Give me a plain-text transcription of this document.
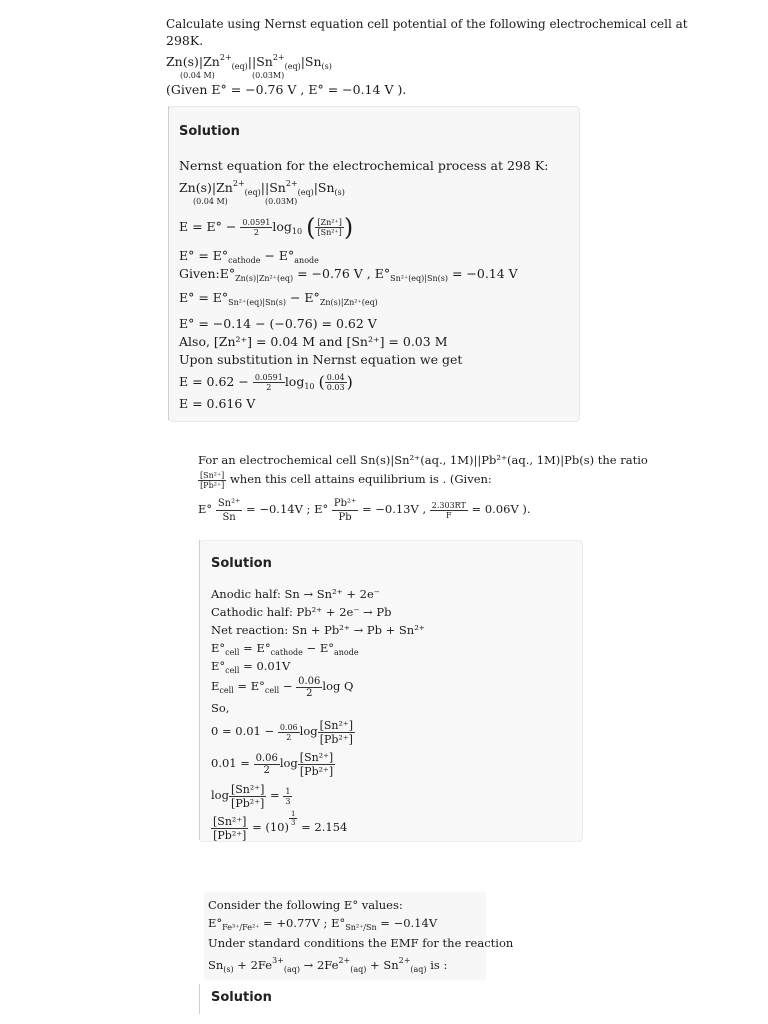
Calculate using Nernst equation cell potential of the following electrochemical cell at
298K.
$Zn(s)|Zn^{2+}_{(eq)}||Sn^{2+}_{(eq)}|Sn_{(s)}$
(0.04 M)	(0.03M)
(Given E° = −0.76 V , E° = −0.14 V ).
Solution
Nernst equation for the electrochemical process at 298 K:
$Zn(s)|Zn^{2+}_{(eq)}||Sn^{2+}_{(eq)}|Sn_{(s)}$
(0.04 M)	(0.03M)
$E = E^\circ - \frac{0.0591}{2} \log_{10}$ ( $\frac{\text{[Zn²⁺]}}{\text{[Sn²⁺]}}$ )
$E^\circ = E^\circ_{cathode} - E^\circ_{anode}$
$Given:E^\circ_{Zn(s)|Zn^{2+}(eq)} = -0.76$ V , $E^\circ_{Sn^{2+}(eq)|Sn(s)} = -0.14$ V
$E^\circ = E^\circ_{Sn^{2+}(eq)|Sn(s)} - E^\circ_{Zn(s)|Zn^{2+}(eq)}$
E° = −0.14 − (−0.76) = 0.62 V
Also, [Zn²⁺] = 0.04 M and [Sn²⁺] = 0.03 M
Upon substitution in Nernst equation we get
$E = 0.62 - \frac{0.0591}{2} \log_{10}$ ( $\frac{0.04}{0.03}$ )
E = 0.616 V
For an electrochemical cell Sn(s)|Sn²⁺(aq., 1M)||Pb²⁺(aq., 1M)|Pb(s) the ratio
$\frac{\text{[Sn²⁺]}}{\text{[Pb²⁺]}}$ when this cell attains equilibrium is . (Given:
$E^\circ \frac{\text{Sn²⁺}}{Sn} = -0.14V$ ; $E^\circ \frac{\text{Pb²⁺}}{Pb} = -0.13V$ , $\frac{2.303RT}{F} = 0.06V$ ).
Solution
Anodic half: Sn → Sn²⁺ + 2e⁻
Cathodic half: Pb²⁺ + 2e⁻ → Pb
Net reaction: Sn + Pb²⁺ → Pb + Sn²⁺
$E^\circ_{cell} = E^\circ_{cathode} - E^\circ_{anode}$
$E^\circ_{cell} = 0.01V$
$E_{cell} = E^\circ_{cell} - \frac{0.06}{2}$ log Q
So,
$0 = 0.01 - \frac{0.06}{2}$ $\log \frac{\text{[Sn²⁺]}}{\text{[Pb²⁺]}}$
$0.01 = \frac{0.06}{2}$ $\log \frac{\text{[Sn²⁺]}}{\text{[Pb²⁺]}}$
$\log \frac{\text{[Sn²⁺]}}{\text{[Pb²⁺]}} = \frac{1}{3}$
$\frac{\text{[Sn²⁺]}}{\text{[Pb²⁺]}} = (10) \frac{1}{3} = 2.154$
Consider the following E° values:
$E^\circ_{Fe^{3+}/Fe^{2+}} = +0.77V$ ; $E^\circ_{Sn^{2+}/Sn} = -0.14V$
Under standard conditions the EMF for the reaction
$Sn_{(s)} + 2Fe^{3+}_{(aq)} \to 2Fe^{2+}_{(aq)} + Sn^{2+}_{(aq)}$ is :
Solution
